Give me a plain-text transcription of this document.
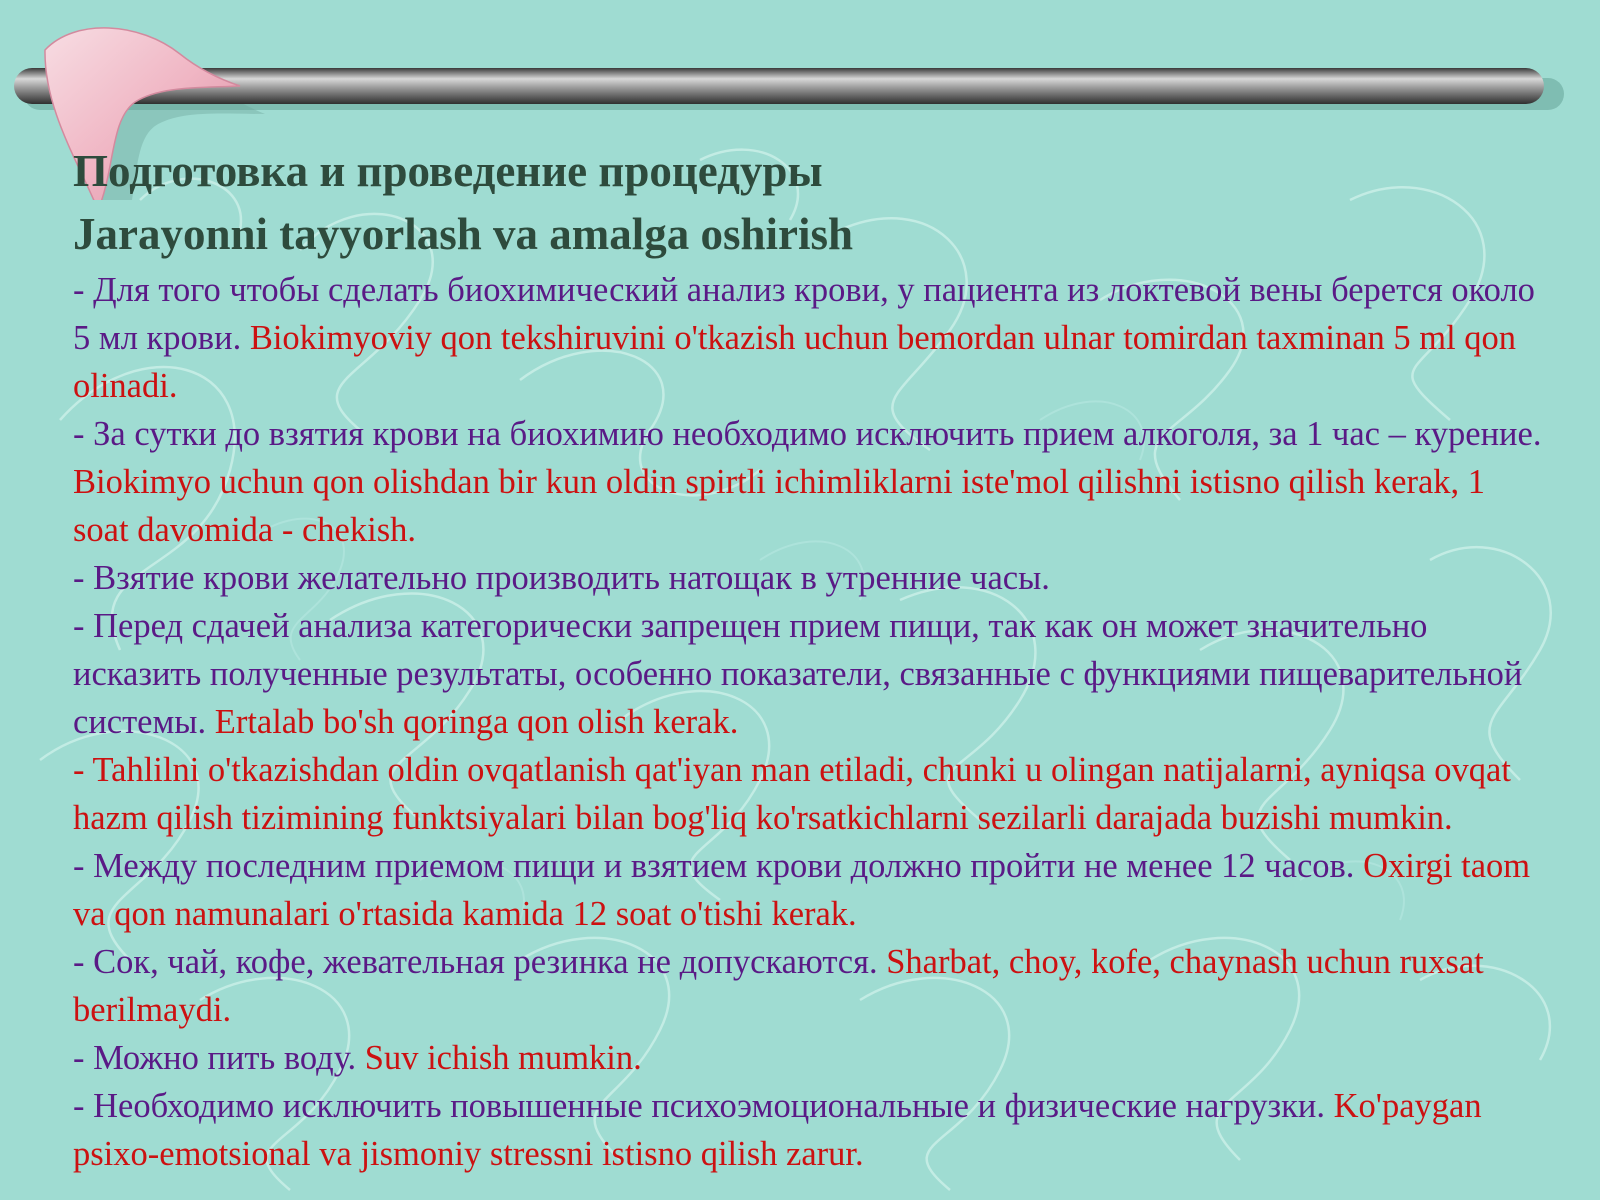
Подготовка и проведение процедуры
Jarayonni tayyorlash va amalga oshirish

- Для того чтобы сделать биохимический анализ крови, у пациента из локтевой вены берется около 5 мл крови. Biokimyoviy qon tekshiruvini o'tkazish uchun bemordan ulnar tomirdan taxminan 5 ml qon olinadi.

- За сутки до взятия крови на биохимию необходимо исключить прием алкоголя, за 1 час – курение. Biokimyo uchun qon olishdan bir kun oldin spirtli ichimliklarni iste'mol qilishni istisno qilish kerak, 1 soat davomida - chekish.

- Взятие крови желательно производить натощак в утренние часы.

- Перед сдачей анализа категорически запрещен прием пищи, так как он может значительно исказить полученные результаты, особенно показатели, связанные с функциями пищеварительной системы. Ertalab bo'sh qoringa qon olish kerak.

- Tahlilni o'tkazishdan oldin ovqatlanish qat'iyan man etiladi, chunki u olingan natijalarni, ayniqsa ovqat hazm qilish tizimining funktsiyalari bilan bog'liq ko'rsatkichlarni sezilarli darajada buzishi mumkin.

- Между последним приемом пищи и взятием крови должно пройти не менее 12 часов. Oxirgi taom va qon namunalari o'rtasida kamida 12 soat o'tishi kerak.

- Сок, чай, кофе, жевательная резинка не допускаются. Sharbat, choy, kofe, chaynash uchun ruxsat berilmaydi.

- Можно пить воду. Suv ichish mumkin.

- Необходимо исключить повышенные психоэмоциональные и физические нагрузки. Ko'paygan psixo-emotsional va jismoniy stressni istisno qilish zarur.
